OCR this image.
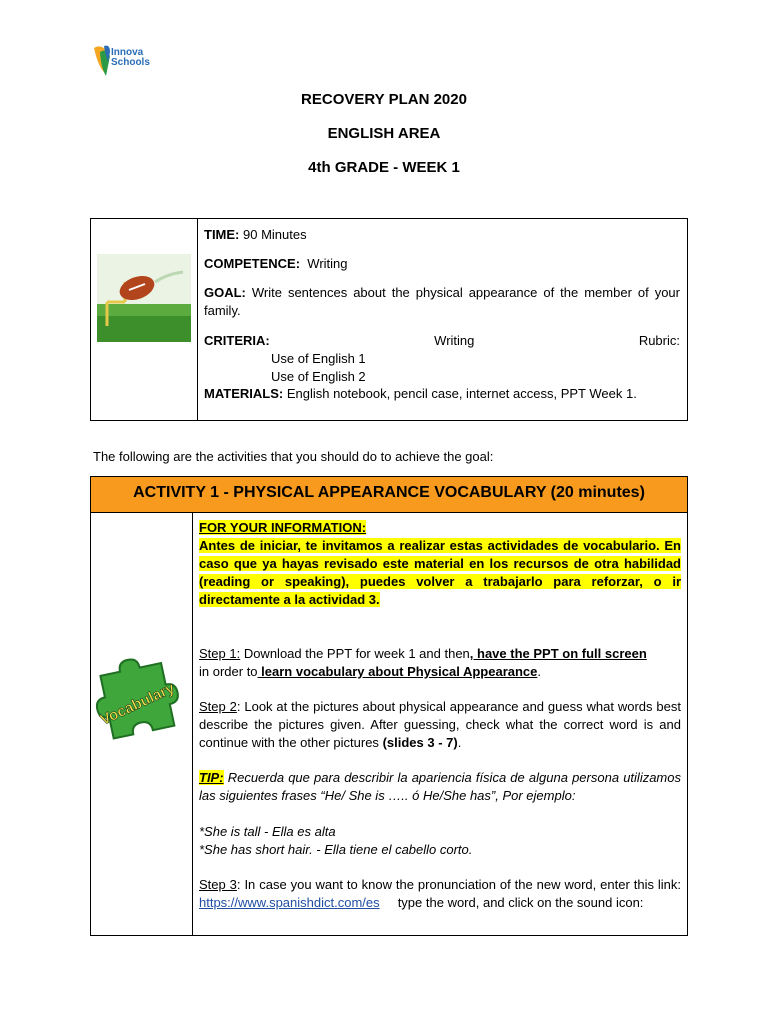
Innova
Schools
RECOVERY PLAN 2020
ENGLISH AREA
4th GRADE - WEEK 1
TIME: 90 Minutes
COMPETENCE: Writing
GOAL: Write sentences about the physical appearance of the member of your family.
CRITERIA:	Writing	Rubric:
Use of English 1
Use of English 2
MATERIALS: English notebook, pencil case, internet access, PPT Week 1.
The following are the activities that you should do to achieve the goal:
ACTIVITY 1 - PHYSICAL APPEARANCE VOCABULARY (20 minutes)
Vocabulary
FOR YOUR INFORMATION:
Antes de iniciar, te invitamos a realizar estas actividades de vocabulario. En caso que ya hayas revisado este material en los recursos de otra habilidad (reading or speaking), puedes volver a trabajarlo para reforzar, o ir directamente a la actividad 3.
Step 1: Download the PPT for week 1 and then, have the PPT on full screen
in order to learn vocabulary about Physical Appearance.
Step 2: Look at the pictures about physical appearance and guess what words best describe the pictures given. After guessing, check what the correct word is and continue with the other pictures (slides 3 - 7).
TIP: Recuerda que para describir la apariencia física de alguna persona utilizamos las siguientes frases “He/ She is ….. ó He/She has”, Por ejemplo:
*She is tall - Ella es alta
*She has short hair. - Ella tiene el cabello corto.
Step 3: In case you want to know the pronunciation of the new word, enter this link: https://www.spanishdict.com/es     type the word, and click on the sound icon:
